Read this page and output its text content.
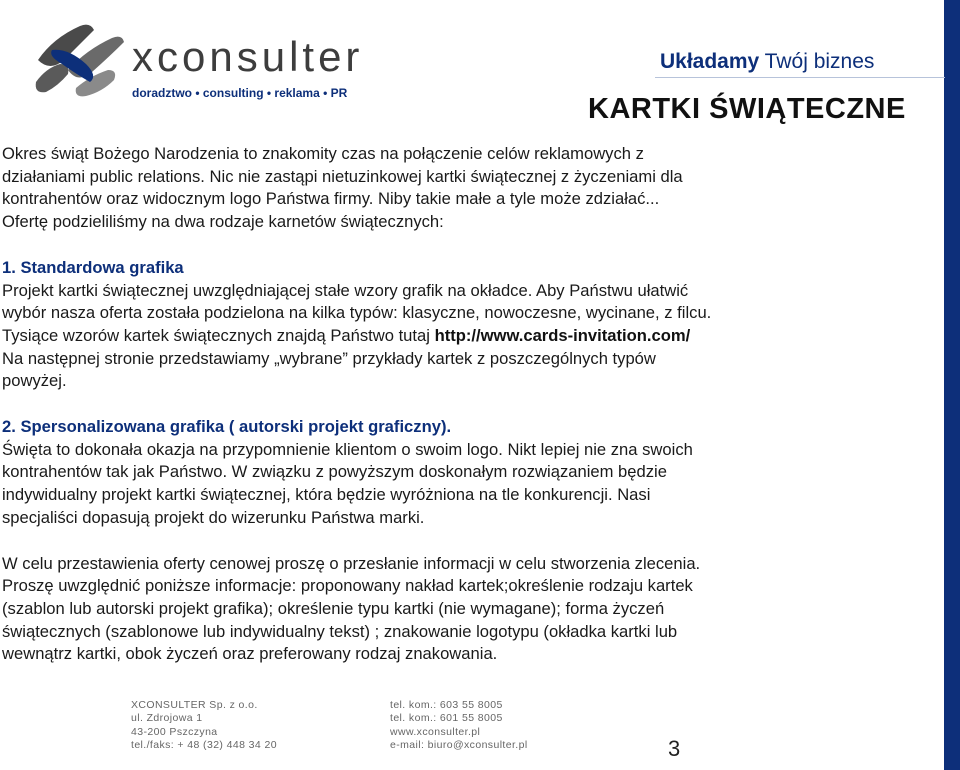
xconsulter
doradztwo • consulting • reklama • PR
Układamy Twój biznes
KARTKI ŚWIĄTECZNE

Okres świąt Bożego Narodzenia to znakomity czas na połączenie celów reklamowych z

działaniami public relations. Nic nie zastąpi nietuzinkowej kartki świątecznej z życzeniami dla

kontrahentów oraz widocznym logo Państwa firmy. Niby takie małe a tyle może zdziałać...

Ofertę podzieliliśmy na dwa rodzaje karnetów świątecznych:

1. Standardowa grafika

Projekt kartki świątecznej uwzględniającej stałe wzory grafik na okładce. Aby Państwu ułatwić

wybór nasza oferta została podzielona na kilka typów: klasyczne, nowoczesne, wycinane, z filcu.

Tysiące wzorów kartek świątecznych znajdą Państwo tutaj http://www.cards-invitation.com/

Na następnej stronie przedstawiamy „wybrane” przykłady kartek z poszczególnych typów

powyżej.

2. Spersonalizowana grafika ( autorski projekt graficzny).

Święta to dokonała okazja na przypomnienie klientom o swoim logo. Nikt lepiej nie zna swoich

kontrahentów tak jak Państwo. W związku z powyższym doskonałym rozwiązaniem będzie

indywidualny projekt kartki świątecznej, która będzie wyróżniona na tle konkurencji. Nasi

specjaliści dopasują projekt do wizerunku Państwa marki.

W celu przestawienia oferty cenowej proszę o przesłanie informacji w celu stworzenia zlecenia.

Proszę uwzględnić poniższe informacje: proponowany nakład kartek;określenie rodzaju kartek

(szablon lub autorski projekt grafika); określenie typu kartki (nie wymagane); forma życzeń

świątecznych (szablonowe lub indywidualny tekst) ; znakowanie logotypu (okładka kartki lub

wewnątrz kartki, obok życzeń oraz preferowany rodzaj znakowania.

XCONSULTER Sp. z o.o.
ul. Zdrojowa 1
43-200 Pszczyna
tel./faks: + 48 (32) 448 34 20
tel. kom.: 603 55 8005
tel. kom.: 601 55 8005
www.xconsulter.pl
e-mail: biuro@xconsulter.pl	3
